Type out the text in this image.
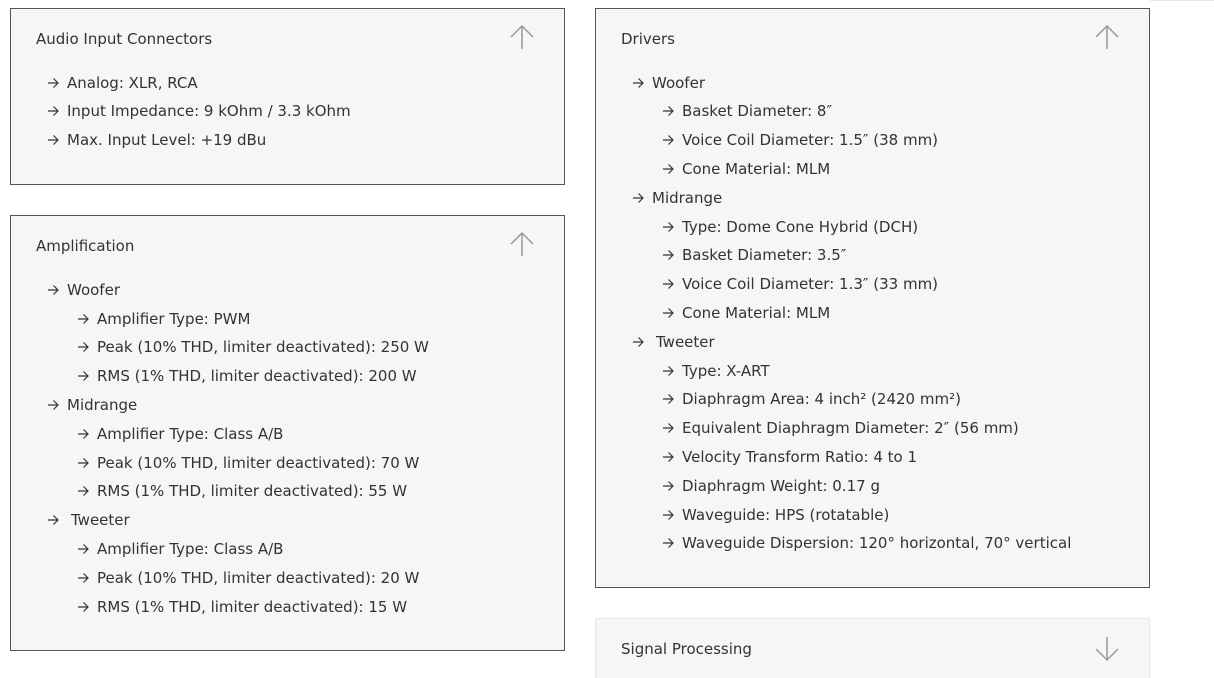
Audio Input Connectors
Analog: XLR, RCA
Input Impedance: 9 kOhm / 3.3 kOhm
Max. Input Level: +19 dBu
Amplification
Woofer
Amplifier Type: PWM
Peak (10% THD, limiter deactivated): 250 W
RMS (1% THD, limiter deactivated): 200 W
Midrange
Amplifier Type: Class A/B
Peak (10% THD, limiter deactivated): 70 W
RMS (1% THD, limiter deactivated): 55 W
Tweeter
Amplifier Type: Class A/B
Peak (10% THD, limiter deactivated): 20 W
RMS (1% THD, limiter deactivated): 15 W
Drivers
Woofer
Basket Diameter: 8″
Voice Coil Diameter: 1.5″ (38 mm)
Cone Material: MLM
Midrange
Type: Dome Cone Hybrid (DCH)
Basket Diameter: 3.5″
Voice Coil Diameter: 1.3″ (33 mm)
Cone Material: MLM
Tweeter
Type: X-ART
Diaphragm Area: 4 inch² (2420 mm²)
Equivalent Diaphragm Diameter: 2″ (56 mm)
Velocity Transform Ratio: 4 to 1
Diaphragm Weight: 0.17 g
Waveguide: HPS (rotatable)
Waveguide Dispersion: 120° horizontal, 70° vertical
Signal Processing
